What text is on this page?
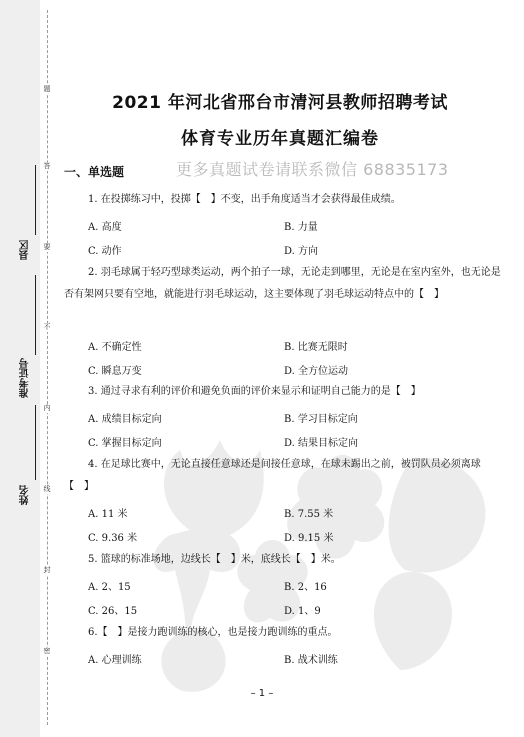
题
答
要
不
内
线
封
密
县区
准考证号
姓名
2021 年河北省邢台市清河县教师招聘考试
体育专业历年真题汇编卷
一、单选题	更多真题试卷请联系微信 68835173
1. 在投掷练习中，投掷【　】不变，出手角度适当才会获得最佳成绩。
A. 高度	B. 力量
C. 动作	D. 方向
2. 羽毛球属于轻巧型球类运动，两个拍子一球，无论走到哪里，无论是在室内室外，也无论是否有架网只要有空地，就能进行羽毛球运动，这主要体现了羽毛球运动特点中的【　】
A. 不确定性	B. 比赛无限时
C. 瞬息万变	D. 全方位运动
3. 通过寻求有利的评价和避免负面的评价来显示和证明自己能力的是【　】
A. 成绩目标定向	B. 学习目标定向
C. 掌握目标定向	D. 结果目标定向
4. 在足球比赛中，无论直接任意球还是间接任意球，在球未踢出之前，被罚队员必须离球【　】
A. 11 米	B. 7.55 米
C. 9.36 米	D. 9.15 米
5. 篮球的标准场地，边线长【　】米，底线长【　】米。
A. 2、15	B. 2、16
C. 26、15	D. 1、9
6.【　】是接力跑训练的核心，也是接力跑训练的重点。
A. 心理训练	B. 战术训练
– 1 –
